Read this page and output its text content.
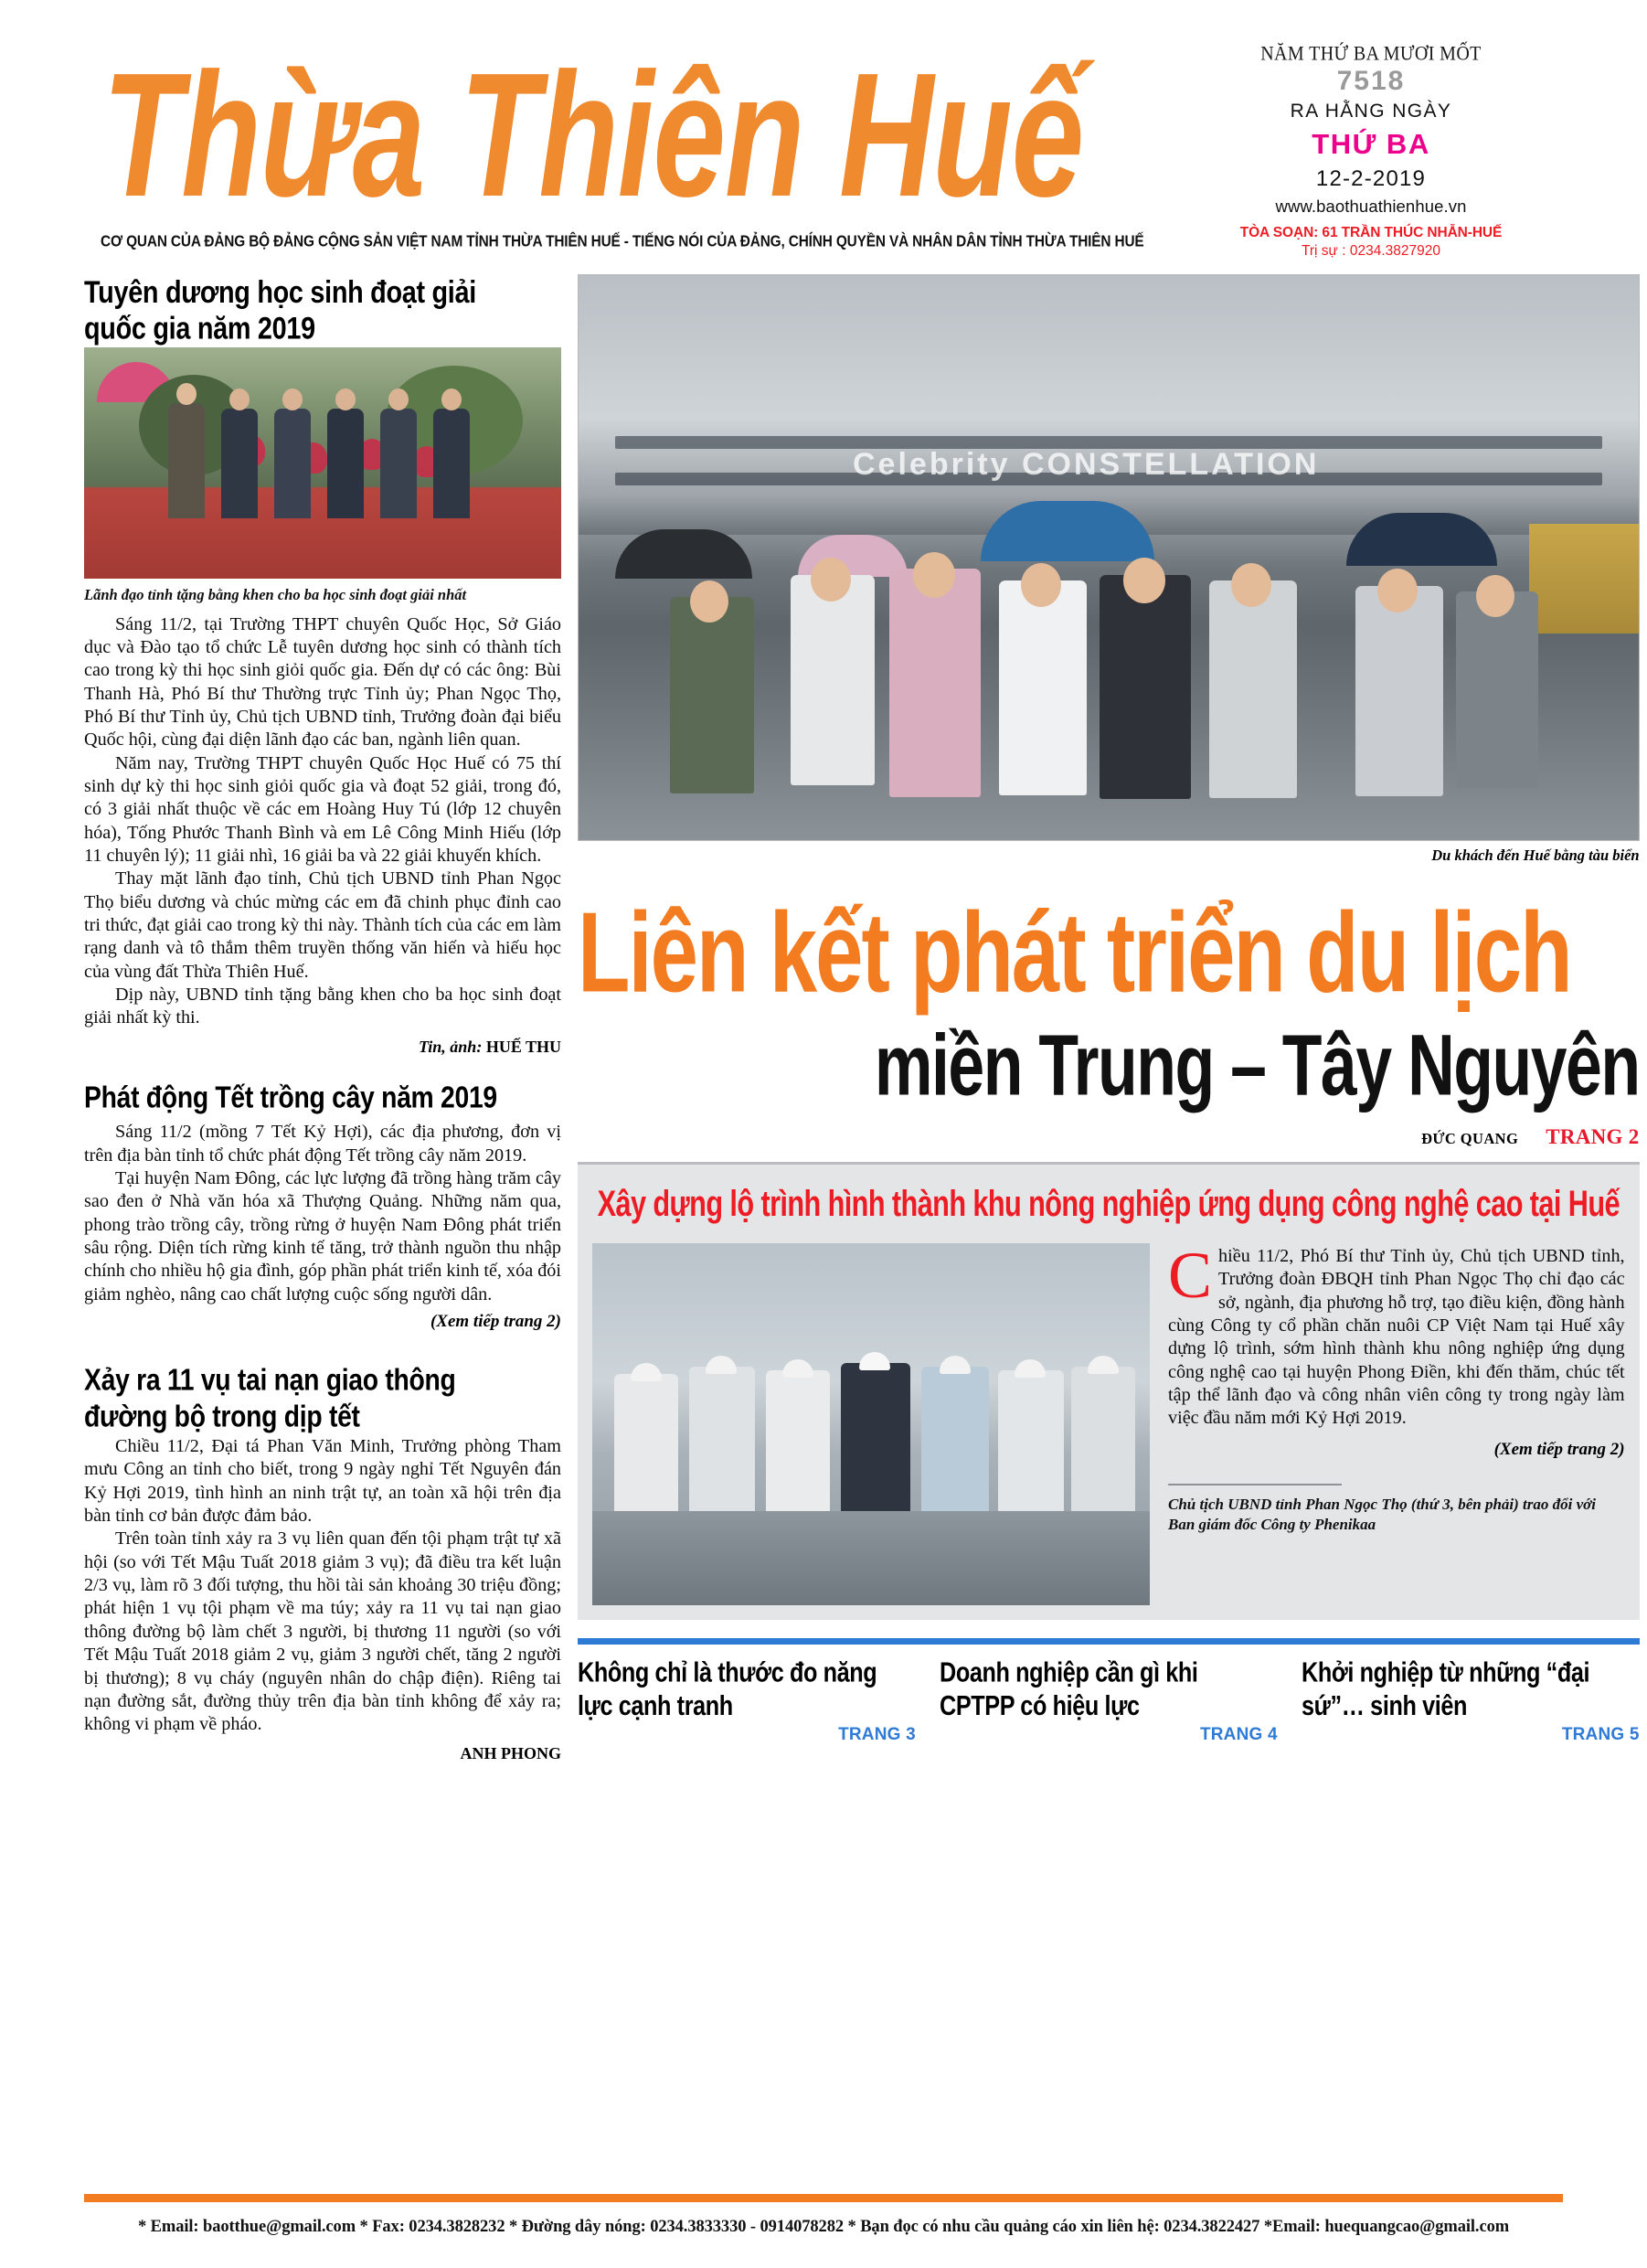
Thừa Thiên Huế
CƠ QUAN CỦA ĐẢNG BỘ ĐẢNG CỘNG SẢN VIỆT NAM TỈNH THỪA THIÊN HUẾ - TIẾNG NÓI CỦA ĐẢNG, CHÍNH QUYỀN VÀ NHÂN DÂN TỈNH THỪA THIÊN HUẾ
NĂM THỨ BA MƯƠI MỐT
7518
RA HẰNG NGÀY
THỨ BA
12-2-2019
www.baothuathienhue.vn
TÒA SOẠN: 61 TRẦN THÚC NHẪN-HUẾ
Trị sự : 0234.3827920
Tuyên dương học sinh đoạt giải quốc gia năm 2019
Lãnh đạo tỉnh tặng bằng khen cho ba học sinh đoạt giải nhất

Sáng 11/2, tại Trường THPT chuyên Quốc Học, Sở Giáo dục và Đào tạo tổ chức Lễ tuyên dương học sinh có thành tích cao trong kỳ thi học sinh giỏi quốc gia. Đến dự có các ông: Bùi Thanh Hà, Phó Bí thư Thường trực Tỉnh ủy; Phan Ngọc Thọ, Phó Bí thư Tỉnh ủy, Chủ tịch UBND tỉnh, Trưởng đoàn đại biểu Quốc hội, cùng đại diện lãnh đạo các ban, ngành liên quan.

Năm nay, Trường THPT chuyên Quốc Học Huế có 75 thí sinh dự kỳ thi học sinh giỏi quốc gia và đoạt 52 giải, trong đó, có 3 giải nhất thuộc về các em Hoàng Huy Tú (lớp 12 chuyên hóa), Tống Phước Thanh Bình và em Lê Công Minh Hiếu (lớp 11 chuyên lý); 11 giải nhì, 16 giải ba và 22 giải khuyến khích.

Thay mặt lãnh đạo tỉnh, Chủ tịch UBND tỉnh Phan Ngọc Thọ biểu dương và chúc mừng các em đã chinh phục đỉnh cao tri thức, đạt giải cao trong kỳ thi này. Thành tích của các em làm rạng danh và tô thắm thêm truyền thống văn hiến và hiếu học của vùng đất Thừa Thiên Huế.

Dịp này, UBND tỉnh tặng bằng khen cho ba học sinh đoạt giải nhất kỳ thi.

Tin, ảnh: HUẾ THU
Phát động Tết trồng cây năm 2019

Sáng 11/2 (mồng 7 Tết Kỷ Hợi), các địa phương, đơn vị trên địa bàn tỉnh tổ chức phát động Tết trồng cây năm 2019.

Tại huyện Nam Đông, các lực lượng đã trồng hàng trăm cây sao đen ở Nhà văn hóa xã Thượng Quảng. Những năm qua, phong trào trồng cây, trồng rừng ở huyện Nam Đông phát triển sâu rộng. Diện tích rừng kinh tế tăng, trở thành nguồn thu nhập chính cho nhiều hộ gia đình, góp phần phát triển kinh tế, xóa đói giảm nghèo, nâng cao chất lượng cuộc sống người dân.

(Xem tiếp trang 2)
Xảy ra 11 vụ tai nạn giao thông đường bộ trong dịp tết

Chiều 11/2, Đại tá Phan Văn Minh, Trưởng phòng Tham mưu Công an tỉnh cho biết, trong 9 ngày nghỉ Tết Nguyên đán Kỷ Hợi 2019, tình hình an ninh trật tự, an toàn xã hội trên địa bàn tỉnh cơ bản được đảm bảo.

Trên toàn tỉnh xảy ra 3 vụ liên quan đến tội phạm trật tự xã hội (so với Tết Mậu Tuất 2018 giảm 3 vụ); đã điều tra kết luận 2/3 vụ, làm rõ 3 đối tượng, thu hồi tài sản khoảng 30 triệu đồng; phát hiện 1 vụ tội phạm về ma túy; xảy ra 11 vụ tai nạn giao thông đường bộ làm chết 3 người, bị thương 11 người (so với Tết Mậu Tuất 2018 giảm 2 vụ, giảm 3 người chết, tăng 2 người bị thương); 8 vụ cháy (nguyên nhân do chập điện). Riêng tai nạn đường sắt, đường thủy trên địa bàn tỉnh không để xảy ra; không vi phạm về pháo.

ANH PHONG
Celebrity CONSTELLATION
Du khách đến Huế bằng tàu biển
Liên kết phát triển du lịch
miền Trung – Tây Nguyên
ĐỨC QUANG TRANG 2
Xây dựng lộ trình hình thành khu nông nghiệp ứng dụng công nghệ cao tại Huế

Chiều 11/2, Phó Bí thư Tỉnh ủy, Chủ tịch UBND tỉnh, Trưởng đoàn ĐBQH tỉnh Phan Ngọc Thọ chỉ đạo các sở, ngành, địa phương hỗ trợ, tạo điều kiện, đồng hành cùng Công ty cổ phần chăn nuôi CP Việt Nam tại Huế xây dựng lộ trình, sớm hình thành khu nông nghiệp ứng dụng công nghệ cao tại huyện Phong Điền, khi đến thăm, chúc tết tập thể lãnh đạo và công nhân viên công ty trong ngày làm việc đầu năm mới Kỷ Hợi 2019.

(Xem tiếp trang 2)
Chủ tịch UBND tỉnh Phan Ngọc Thọ (thứ 3, bên phải) trao đổi với Ban giám đốc Công ty Phenikaa
Không chỉ là thước đo năng lực cạnh tranh
TRANG 3
Doanh nghiệp cần gì khi CPTPP có hiệu lực
TRANG 4
Khởi nghiệp từ những “đại sứ”… sinh viên
TRANG 5
* Email: baotthue@gmail.com * Fax: 0234.3828232 * Đường dây nóng: 0234.3833330 - 0914078282 * Bạn đọc có nhu cầu quảng cáo xin liên hệ: 0234.3822427 *Email: huequangcao@gmail.com
